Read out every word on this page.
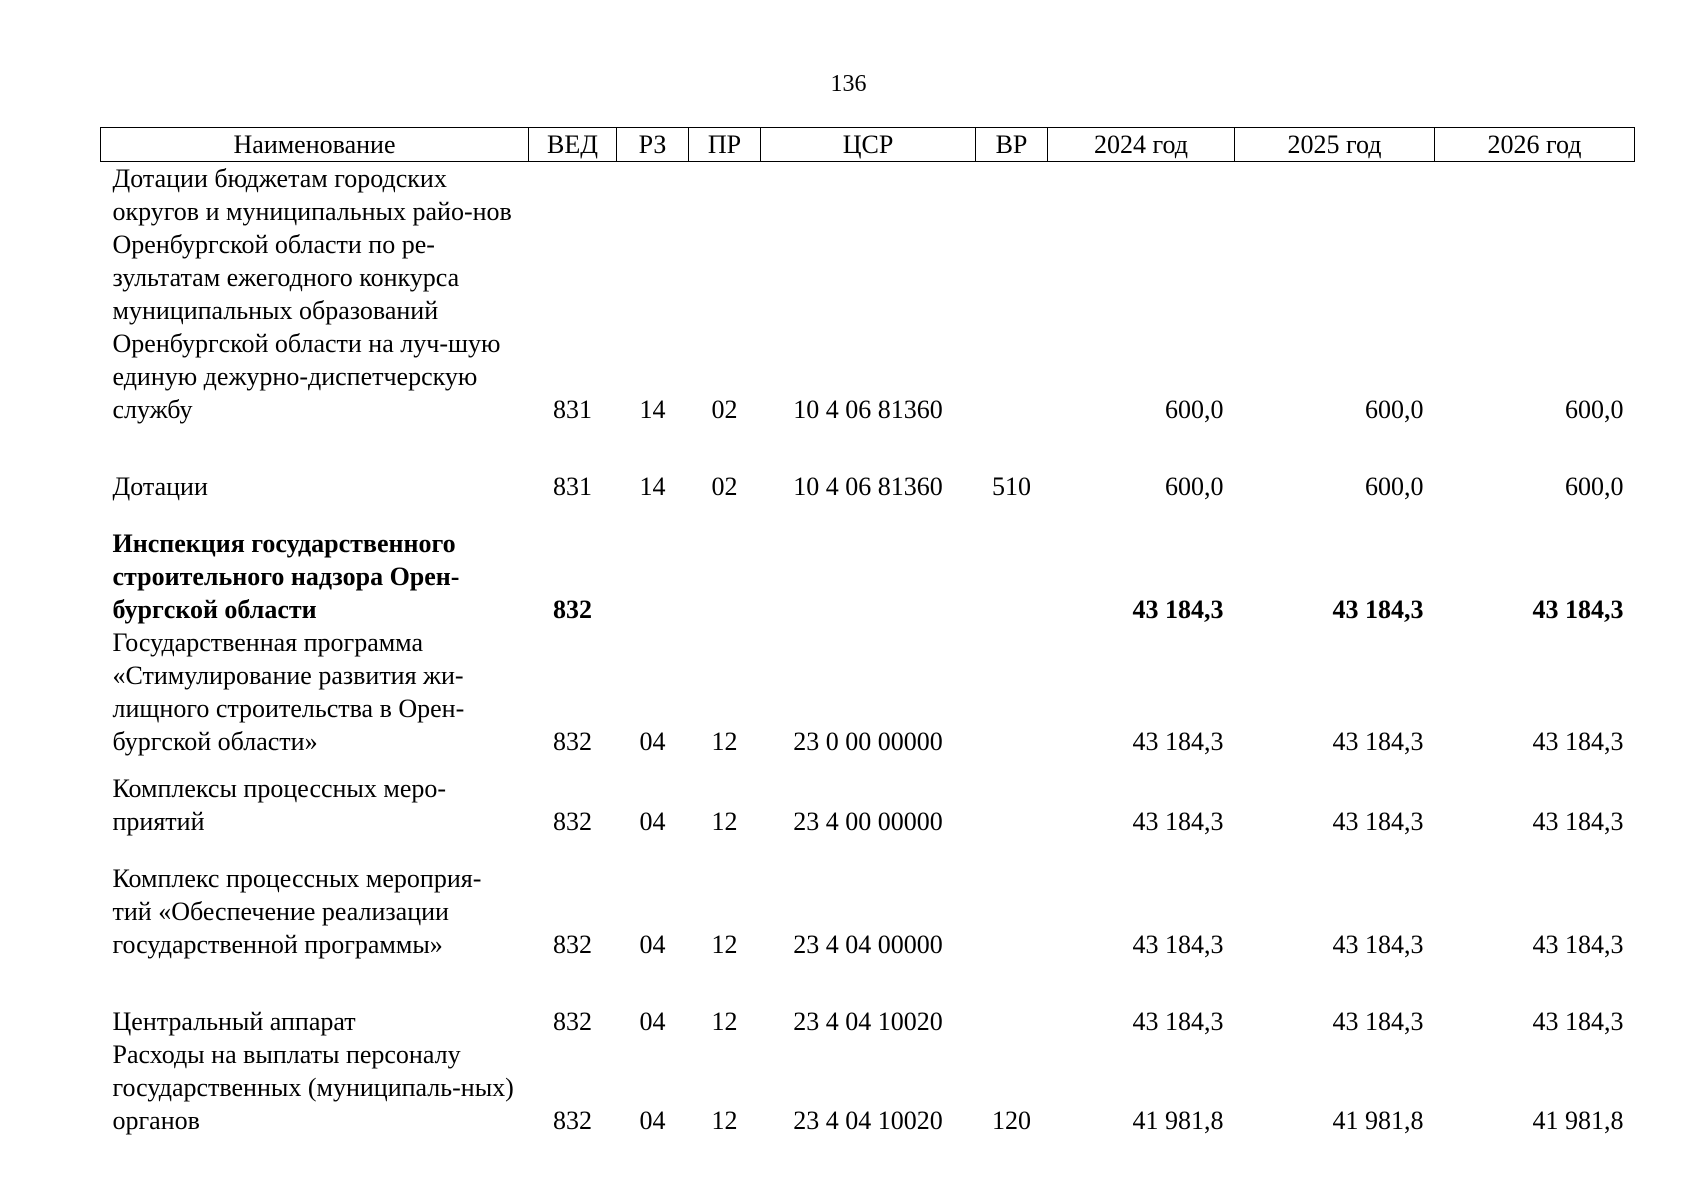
136
Наименование	ВЕД	РЗ	ПР	ЦСР	ВР	2024 год	2025 год	2026 год
Дотации бюджетам городских округов и муниципальных райо-нов Оренбургской области по ре-зультатам ежегодного конкурса муниципальных образований Оренбургской области на луч-шую единую дежурно-диспетчерскую службу	831	14	02	10 4 06 81360		600,0	600,0	600,0
Дотации	831	14	02	10 4 06 81360	510	600,0	600,0	600,0
Инспекция государственного строительного надзора Орен-бургской области	832					43 184,3	43 184,3	43 184,3
Государственная программа «Стимулирование развития жи-лищного строительства в Орен-бургской области»	832	04	12	23 0 00 00000		43 184,3	43 184,3	43 184,3
Комплексы процессных меро-приятий	832	04	12	23 4 00 00000		43 184,3	43 184,3	43 184,3
Комплекс процессных мероприя-тий «Обеспечение реализации государственной программы»	832	04	12	23 4 04 00000		43 184,3	43 184,3	43 184,3
Центральный аппарат	832	04	12	23 4 04 10020		43 184,3	43 184,3	43 184,3
Расходы на выплаты персоналу государственных (муниципаль-ных) органов	832	04	12	23 4 04 10020	120	41 981,8	41 981,8	41 981,8
